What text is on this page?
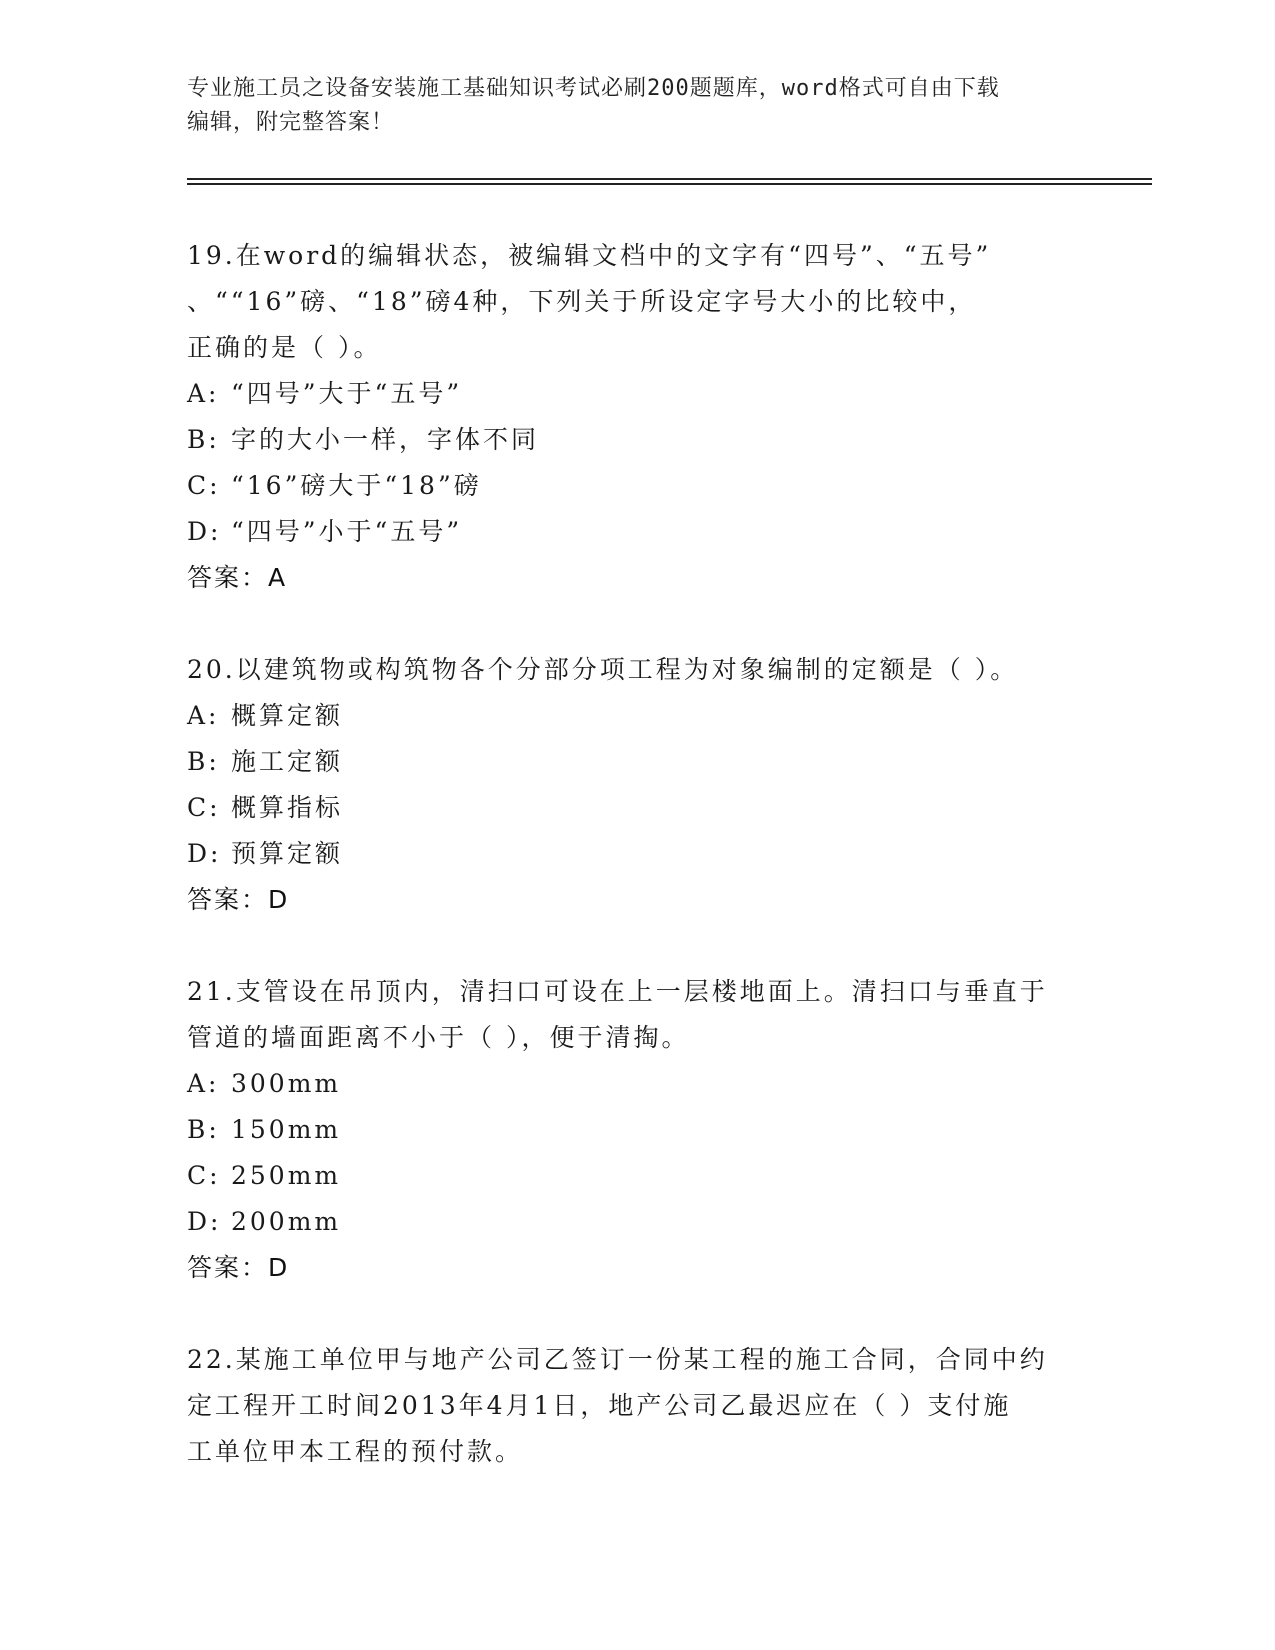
专业施工员之设备安装施工基础知识考试必刷200题题库，word格式可自由下载
编辑，附完整答案！
19.在word的编辑状态，被编辑文档中的文字有“四号”、“五号”
、““16”磅、“18”磅4种，下列关于所设定字号大小的比较中，
正确的是（ ）。
A: “四号”大于“五号”
B: 字的大小一样，字体不同
C: “16”磅大于“18”磅
D: “四号”小于“五号”
答案：A
20.以建筑物或构筑物各个分部分项工程为对象编制的定额是（ ）。
A: 概算定额
B: 施工定额
C: 概算指标
D: 预算定额
答案：D
21.支管设在吊顶内，清扫口可设在上一层楼地面上。清扫口与垂直于
管道的墙面距离不小于（ ），便于清掏。
A: 300mm
B: 150mm
C: 250mm
D: 200mm
答案：D
22.某施工单位甲与地产公司乙签订一份某工程的施工合同，合同中约
定工程开工时间2013年4月1日，地产公司乙最迟应在（ ）支付施
工单位甲本工程的预付款。
